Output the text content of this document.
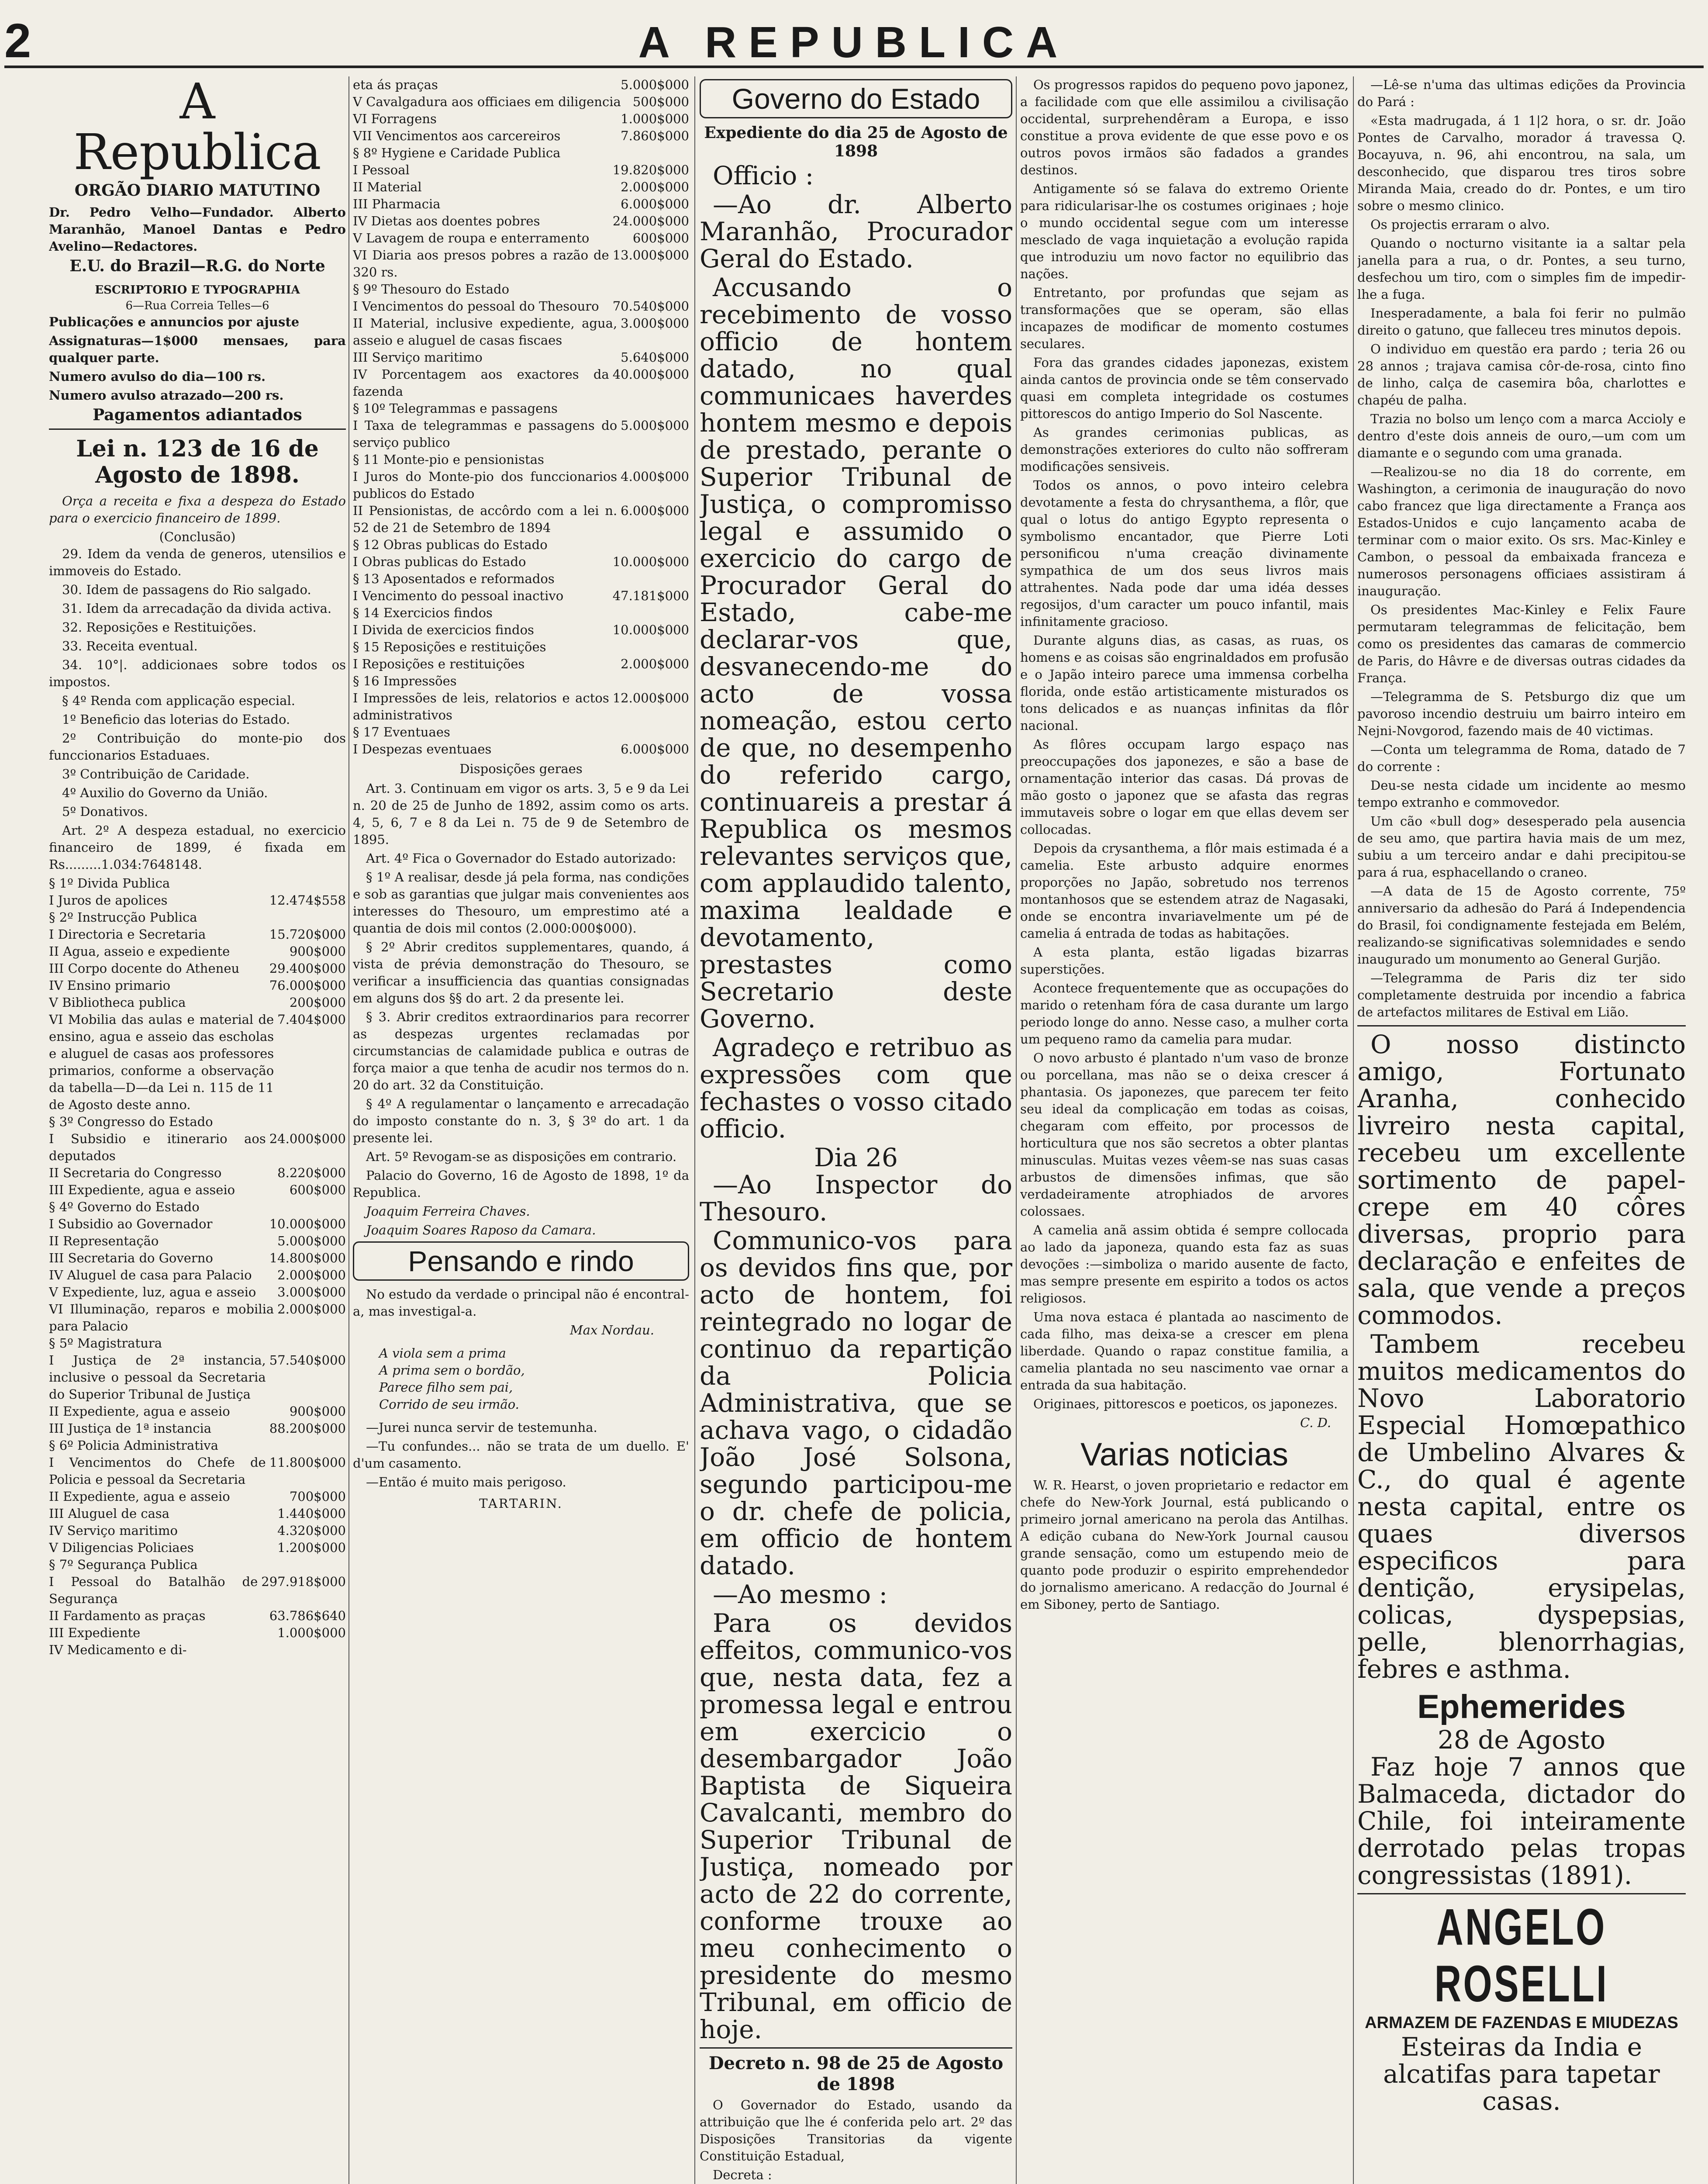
2	A REPUBLICA
A Republica
ORGÃO DIARIO MATUTINO

Dr. Pedro Velho—Fundador. Alberto Maranhão, Manoel Dantas e Pedro Avelino—Redactores.

E.U. do Brazil—R.G. do Norte
ESCRIPTORIO E TYPOGRAPHIA
6—Rua Correia Telles—6

Publicações e annuncios por ajuste

Assignaturas—1$000 mensaes, para qualquer parte.

Numero avulso do dia—100 rs.

Numero avulso atrazado—200 rs.

Pagamentos adiantados
Lei n. 123 de 16 de Agosto de 1898.

Orça a receita e fixa a despeza do Estado para o exercicio financeiro de 1899.

(Conclusão)

29. Idem da venda de generos, utensilios e immoveis do Estado.

30. Idem de passagens do Rio salgado.

31. Idem da arrecadação da divida activa.

32. Reposições e Restituições.

33. Receita eventual.

34. 10°|. addicionaes sobre todos os impostos.

§ 4º Renda com applicação especial.

1º Beneficio das loterias do Estado.

2º Contribuição do monte-pio dos funccionarios Estaduaes.

3º Contribuição de Caridade.

4º Auxilio do Governo da União.

5º Donativos.

Art. 2º A despeza estadual, no exercicio financeiro de 1899, é fixada em Rs.........1.034:7648148.

§ 1º Divida Publica
I Juros de apolices	12.474$558
§ 2º Instrucção Publica
I Directoria e Secretaria	15.720$000
II Agua, asseio e expediente	900$000
III Corpo docente do Atheneu 29.400$000
IV Ensino primario	76.000$000
V Bibliotheca publica	200$000
VI Mobilia das aulas e material de ensino, agua e asseio das escholas e aluguel de casas aos professores primarios, conforme a observação da tabella—D—da Lei n. 115 de 11 de Agosto deste anno.
7.404$000
§ 3º Congresso do Estado
I Subsidio e itinerario aos deputados
24.000$000
II Secretaria do Congresso	8.220$000
III Expediente, agua e asseio	600$000
§ 4º Governo do Estado
I Subsidio ao Governador	10.000$000
II Representação	5.000$000
III Secretaria do Governo	14.800$000
IV Aluguel de casa para Palacio 2.000$000
V Expediente, luz, agua e asseio 3.000$000
VI Illuminação, reparos e mobilia para Palacio
2.000$000
§ 5º Magistratura
I Justiça de 2ª instancia, inclusive o pessoal da Secretaria do Superior Tribunal de Justiça
57.540$000
II Expediente, agua e asseio	900$000
III Justiça de 1ª instancia	88.200$000
§ 6º Policia Administrativa
I Vencimentos do Chefe de Policia e pessoal da Secretaria
11.800$000
II Expediente, agua e asseio	700$000
III Aluguel de casa	1.440$000
IV Serviço maritimo	4.320$000
V Diligencias Policiaes	1.200$000
§ 7º Segurança Publica
I Pessoal do Batalhão de Segurança
297.918$000
II Fardamento as praças	63.786$640
III Expediente	1.000$000
IV Medicamento e di-
eta ás praças	5.000$000
V Cavalgadura aos officiaes em diligencia 500$000
VI Forragens	1.000$000
VII Vencimentos aos carcereiros	7.860$000
§ 8º Hygiene e Caridade Publica
I Pessoal	19.820$000
II Material	2.000$000
III Pharmacia	6.000$000
IV Dietas aos doentes pobres	24.000$000
V Lavagem de roupa e enterramento	600$000
VI Diaria aos presos pobres a razão de 320 rs.
13.000$000
§ 9º Thesouro do Estado
I Vencimentos do pessoal do Thesouro 70.540$000
II Material, inclusive expediente, agua, asseio e aluguel de casas fiscaes
3.000$000
III Serviço maritimo	5.640$000
IV Porcentagem aos exactores da fazenda
40.000$000
§ 10º Telegrammas e passagens
I Taxa de telegrammas e passagens do serviço publico
5.000$000
§ 11 Monte-pio e pensionistas
I Juros do Monte-pio dos funccionarios publicos do Estado
4.000$000
II Pensionistas, de accôrdo com a lei n. 52 de 21 de Setembro de 1894
6.000$000
§ 12 Obras publicas do Estado
I Obras publicas do Estado	10.000$000
§ 13 Aposentados e reformados
I Vencimento do pessoal inactivo	47.181$000
§ 14 Exercicios findos
I Divida de exercicios findos	10.000$000
§ 15 Reposições e restituições
I Reposições e restituições	2.000$000
§ 16 Impressões
I Impressões de leis, relatorios e actos administrativos
12.000$000
§ 17 Eventuaes
I Despezas eventuaes	6.000$000
Disposições geraes

Art. 3. Continuam em vigor os arts. 3, 5 e 9 da Lei n. 20 de 25 de Junho de 1892, assim como os arts. 4, 5, 6, 7 e 8 da Lei n. 75 de 9 de Setembro de 1895.

Art. 4º Fica o Governador do Estado autorizado:

§ 1º A realisar, desde já pela forma, nas condições e sob as garantias que julgar mais convenientes aos interesses do Thesouro, um emprestimo até a quantia de dois mil contos (2.000:000$000).

§ 2º Abrir creditos supplementares, quando, á vista de prévia demonstração do Thesouro, se verificar a insufficiencia das quantias consignadas em alguns dos §§ do art. 2 da presente lei.

§ 3. Abrir creditos extraordinarios para recorrer as despezas urgentes reclamadas por circumstancias de calamidade publica e outras de força maior a que tenha de acudir nos termos do n. 20 do art. 32 da Constituição.

§ 4º A regulamentar o lançamento e arrecadação do imposto constante do n. 3, § 3º do art. 1 da presente lei.

Art. 5º Revogam-se as disposições em contrario.

Palacio do Governo, 16 de Agosto de 1898, 1º da Republica.

Joaquim Ferreira Chaves.

Joaquim Soares Raposo da Camara.

Pensando e rindo

No estudo da verdade o principal não é encontral-a, mas investigal-a.

Max Nordau.
A viola sem a prima
A prima sem o bordão,
Parece filho sem pai,
Corrido de seu irmão.

—Jurei nunca servir de testemunha.

—Tu confundes... não se trata de um duello. E' d'um casamento.

—Então é muito mais perigoso.

TARTARIN.
Governo do Estado
Expediente do dia 25 de Agosto de 1898

Officio :

—Ao dr. Alberto Maranhão, Procurador Geral do Estado.

Accusando o recebimento de vosso officio de hontem datado, no qual communicaes haverdes hontem mesmo e depois de prestado, perante o Superior Tribunal de Justiça, o compromisso legal e assumido o exercicio do cargo de Procurador Geral do Estado, cabe-me declarar-vos que, desvanecendo-me do acto de vossa nomeação, estou certo de que, no desempenho do referido cargo, continuareis a prestar á Republica os mesmos relevantes serviços que, com applaudido talento, maxima lealdade e devotamento, prestastes como Secretario deste Governo.

Agradeço e retribuo as expressões com que fechastes o vosso citado officio.

Dia 26

—Ao Inspector do Thesouro.

Communico-vos para os devidos fins que, por acto de hontem, foi reintegrado no logar de continuo da repartição da Policia Administrativa, que se achava vago, o cidadão João José Solsona, segundo participou-me o dr. chefe de policia, em officio de hontem datado.

—Ao mesmo :

Para os devidos effeitos, communico-vos que, nesta data, fez a promessa legal e entrou em exercicio o desembargador João Baptista de Siqueira Cavalcanti, membro do Superior Tribunal de Justiça, nomeado por acto de 22 do corrente, conforme trouxe ao meu conhecimento o presidente do mesmo Tribunal, em officio de hoje.

Decreto n. 98 de 25 de Agosto de 1898

O Governador do Estado, usando da attribuição que lhe é conferida pelo art. 2º das Disposições Transitorias da vigente Constituição Estadual,

Decreta :

Os progressos rapidos do pequeno povo japonez, a facilidade com que elle assimilou a civilisação occidental, surprehendêram a Europa, e isso constitue a prova evidente de que esse povo e os outros povos irmãos são fadados a grandes destinos.

Antigamente só se falava do extremo Oriente para ridicularisar-lhe os costumes originaes ; hoje o mundo occidental segue com um interesse mesclado de vaga inquietação a evolução rapida que introduziu um novo factor no equilibrio das nações.

Entretanto, por profundas que sejam as transformações que se operam, são ellas incapazes de modificar de momento costumes seculares.

Fora das grandes cidades japonezas, existem ainda cantos de provincia onde se têm conservado quasi em completa integridade os costumes pittorescos do antigo Imperio do Sol Nascente.

As grandes cerimonias publicas, as demonstrações exteriores do culto não soffreram modificações sensiveis.

Todos os annos, o povo inteiro celebra devotamente a festa do chrysanthema, a flôr, que qual o lotus do antigo Egypto representa o symbolismo encantador, que Pierre Loti personificou n'uma creação divinamente sympathica de um dos seus livros mais attrahentes. Nada pode dar uma idéa desses regosijos, d'um caracter um pouco infantil, mais infinitamente gracioso.

Durante alguns dias, as casas, as ruas, os homens e as coisas são engrinaldados em profusão e o Japão inteiro parece uma immensa corbelha florida, onde estão artisticamente misturados os tons delicados e as nuanças infinitas da flôr nacional.

As flôres occupam largo espaço nas preoccupações dos japonezes, e são a base de ornamentação interior das casas. Dá provas de mão gosto o japonez que se afasta das regras immutaveis sobre o logar em que ellas devem ser collocadas.

Depois da crysanthema, a flôr mais estimada é a camelia. Este arbusto adquire enormes proporções no Japão, sobretudo nos terrenos montanhosos que se estendem atraz de Nagasaki, onde se encontra invariavelmente um pé de camelia á entrada de todas as habitações.

A esta planta, estão ligadas bizarras superstições.

Acontece frequentemente que as occupações do marido o retenham fóra de casa durante um largo periodo longe do anno. Nesse caso, a mulher corta um pequeno ramo da camelia para mudar.

O novo arbusto é plantado n'um vaso de bronze ou porcellana, mas não se o deixa crescer á phantasia. Os japonezes, que parecem ter feito seu ideal da complicação em todas as coisas, chegaram com effeito, por processos de horticultura que nos são secretos a obter plantas minusculas. Muitas vezes vêem-se nas suas casas arbustos de dimensões infimas, que são verdadeiramente atrophiados de arvores colossaes.

A camelia anã assim obtida é sempre collocada ao lado da japoneza, quando esta faz as suas devoções :—simboliza o marido ausente de facto, mas sempre presente em espirito a todos os actos religiosos.

Uma nova estaca é plantada ao nascimento de cada filho, mas deixa-se a crescer em plena liberdade. Quando o rapaz constitue familia, a camelia plantada no seu nascimento vae ornar a entrada da sua habitação.

Originaes, pittorescos e poeticos, os japonezes.

C. D.
Varias noticias

W. R. Hearst, o joven proprietario e redactor em chefe do New-York Journal, está publicando o primeiro jornal americano na perola das Antilhas. A edição cubana do New-York Journal causou grande sensação, como um estupendo meio de quanto pode produzir o espirito emprehendedor do jornalismo americano. A redacção do Journal é em Siboney, perto de Santiago.

—Lê-se n'uma das ultimas edições da Provincia do Pará :

«Esta madrugada, á 1 1|2 hora, o sr. dr. João Pontes de Carvalho, morador á travessa Q. Bocayuva, n. 96, ahi encontrou, na sala, um desconhecido, que disparou tres tiros sobre Miranda Maia, creado do dr. Pontes, e um tiro sobre o mesmo clinico.

Os projectis erraram o alvo.

Quando o nocturno visitante ia a saltar pela janella para a rua, o dr. Pontes, a seu turno, desfechou um tiro, com o simples fim de impedir-lhe a fuga.

Inesperadamente, a bala foi ferir no pulmão direito o gatuno, que falleceu tres minutos depois.

O individuo em questão era pardo ; teria 26 ou 28 annos ; trajava camisa côr-de-rosa, cinto fino de linho, calça de casemira bôa, charlottes e chapéu de palha.

Trazia no bolso um lenço com a marca Accioly e dentro d'este dois anneis de ouro,—um com um diamante e o segundo com uma granada.

—Realizou-se no dia 18 do corrente, em Washington, a cerimonia de inauguração do novo cabo francez que liga directamente a França aos Estados-Unidos e cujo lançamento acaba de terminar com o maior exito. Os srs. Mac-Kinley e Cambon, o pessoal da embaixada franceza e numerosos personagens officiaes assistiram á inauguração.

Os presidentes Mac-Kinley e Felix Faure permutaram telegrammas de felicitação, bem como os presidentes das camaras de commercio de Paris, do Hâvre e de diversas outras cidades da França.

—Telegramma de S. Petsburgo diz que um pavoroso incendio destruiu um bairro inteiro em Nejni-Novgorod, fazendo mais de 40 victimas.

—Conta um telegramma de Roma, datado de 7 do corrente :

Deu-se nesta cidade um incidente ao mesmo tempo extranho e commovedor.

Um cão «bull dog» desesperado pela ausencia de seu amo, que partira havia mais de um mez, subiu a um terceiro andar e dahi precipitou-se para á rua, esphacellando o craneo.

—A data de 15 de Agosto corrente, 75º anniversario da adhesão do Pará á Independencia do Brasil, foi condignamente festejada em Belém, realizando-se significativas solemnidades e sendo inaugurado um monumento ao General Gurjão.

—Telegramma de Paris diz ter sido completamente destruida por incendio a fabrica de artefactos militares de Estival em Lião.

O nosso distincto amigo, Fortunato Aranha, conhecido livreiro nesta capital, recebeu um excellente sortimento de papel-crepe em 40 côres diversas, proprio para declaração e enfeites de sala, que vende a preços commodos.

Tambem recebeu muitos medicamentos do Novo Laboratorio Especial Homœpathico de Umbelino Alvares & C., do qual é agente nesta capital, entre os quaes diversos especificos para dentição, erysipelas, colicas, dyspepsias, pelle, blenorrhagias, febres e asthma.

Ephemerides
28 de Agosto

Faz hoje 7 annos que Balmaceda, dictador do Chile, foi inteiramente derrotado pelas tropas congressistas (1891).

ANGELO ROSELLI
ARMAZEM DE FAZENDAS E MIUDEZAS
Esteiras da India e alcatifas para tapetar casas.
